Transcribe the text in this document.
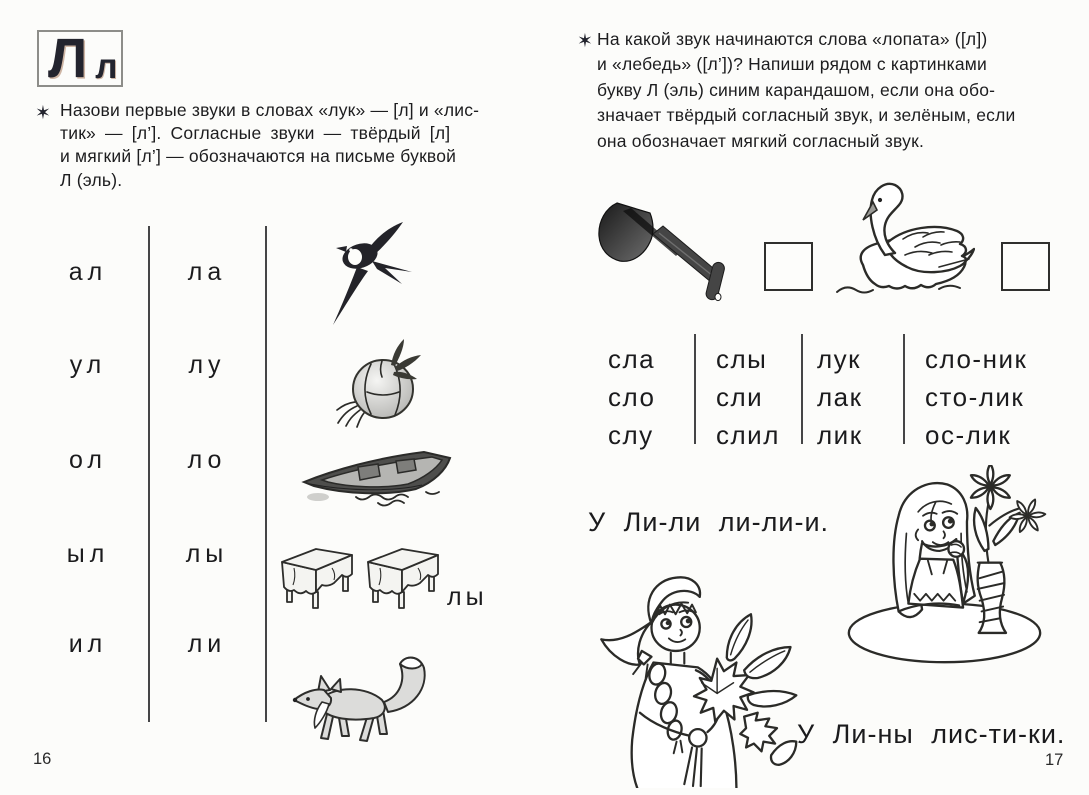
Л л
✶ Назови первые звуки в словах «лук» — [л] и «лис-
тик» — [л’]. Согласные звуки — твёрдый [л]
и мягкий [л’] — обозначаются на письме буквой
Л (эль).
ал
ул
ол
ыл
ил
ла
лу
ло
лы
ли
лы
16
✶ На какой звук начинаются слова «лопата» ([л])
и «лебедь» ([л’])? Напиши рядом с картинками
букву Л (эль) синим карандашом, если она обо-
значает твёрдый согласный звук, и зелёным, если
она обозначает мягкий согласный звук.
сла
сло
слу
слы
сли
слил
лук
лак
лик
сло-ник
сто-лик
ос-лик
У Ли-ли ли-ли-и.
У Ли-ны лис-ти-ки.
17
